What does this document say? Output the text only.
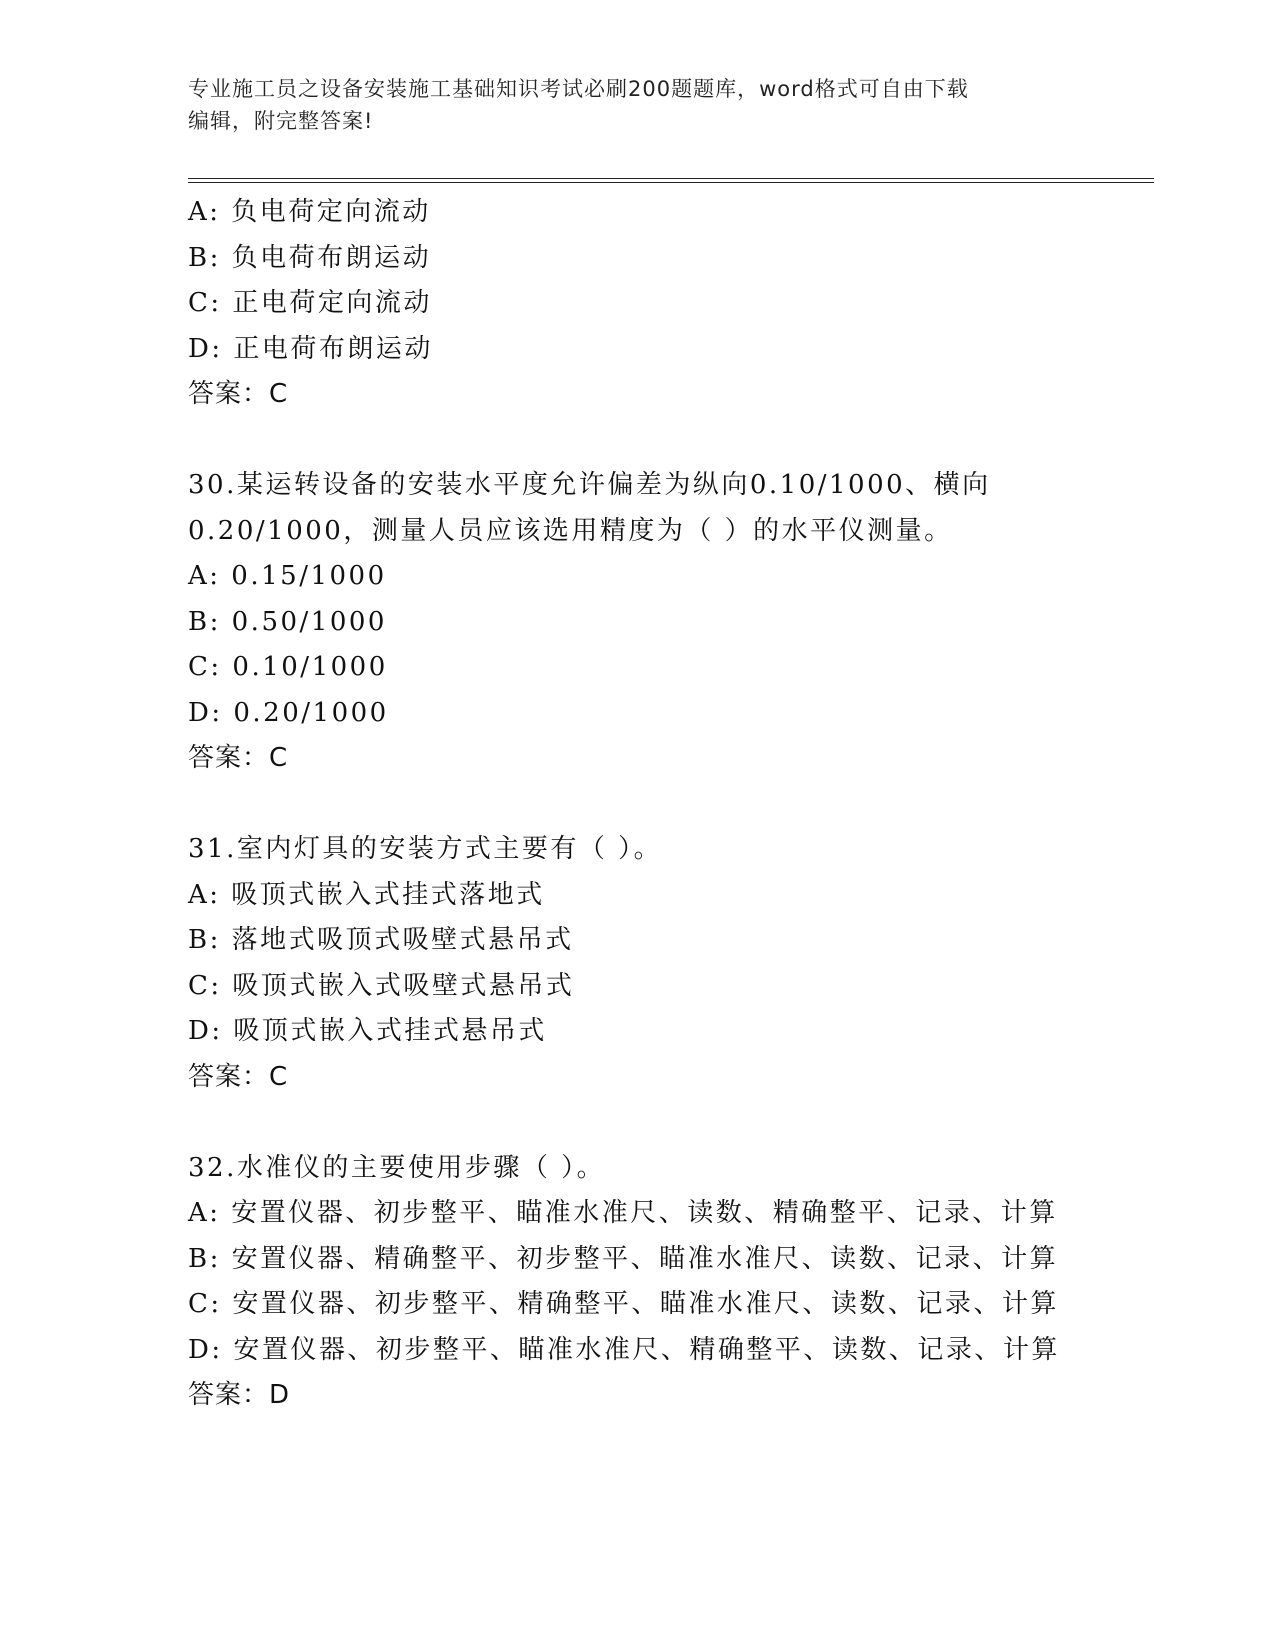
专业施工员之设备安装施工基础知识考试必刷200题题库，word格式可自由下载
编辑，附完整答案!
A: 负电荷定向流动
B: 负电荷布朗运动
C: 正电荷定向流动
D: 正电荷布朗运动
答案：C
30.某运转设备的安装水平度允许偏差为纵向0.10/1000、横向
0.20/1000，测量人员应该选用精度为（ ）的水平仪测量。
A: 0.15/1000
B: 0.50/1000
C: 0.10/1000
D: 0.20/1000
答案：C
31.室内灯具的安装方式主要有（ ）。
A: 吸顶式嵌入式挂式落地式
B: 落地式吸顶式吸壁式悬吊式
C: 吸顶式嵌入式吸壁式悬吊式
D: 吸顶式嵌入式挂式悬吊式
答案：C
32.水准仪的主要使用步骤（ ）。
A: 安置仪器、初步整平、瞄准水准尺、读数、精确整平、记录、计算
B: 安置仪器、精确整平、初步整平、瞄准水准尺、读数、记录、计算
C: 安置仪器、初步整平、精确整平、瞄准水准尺、读数、记录、计算
D: 安置仪器、初步整平、瞄准水准尺、精确整平、读数、记录、计算
答案：D
